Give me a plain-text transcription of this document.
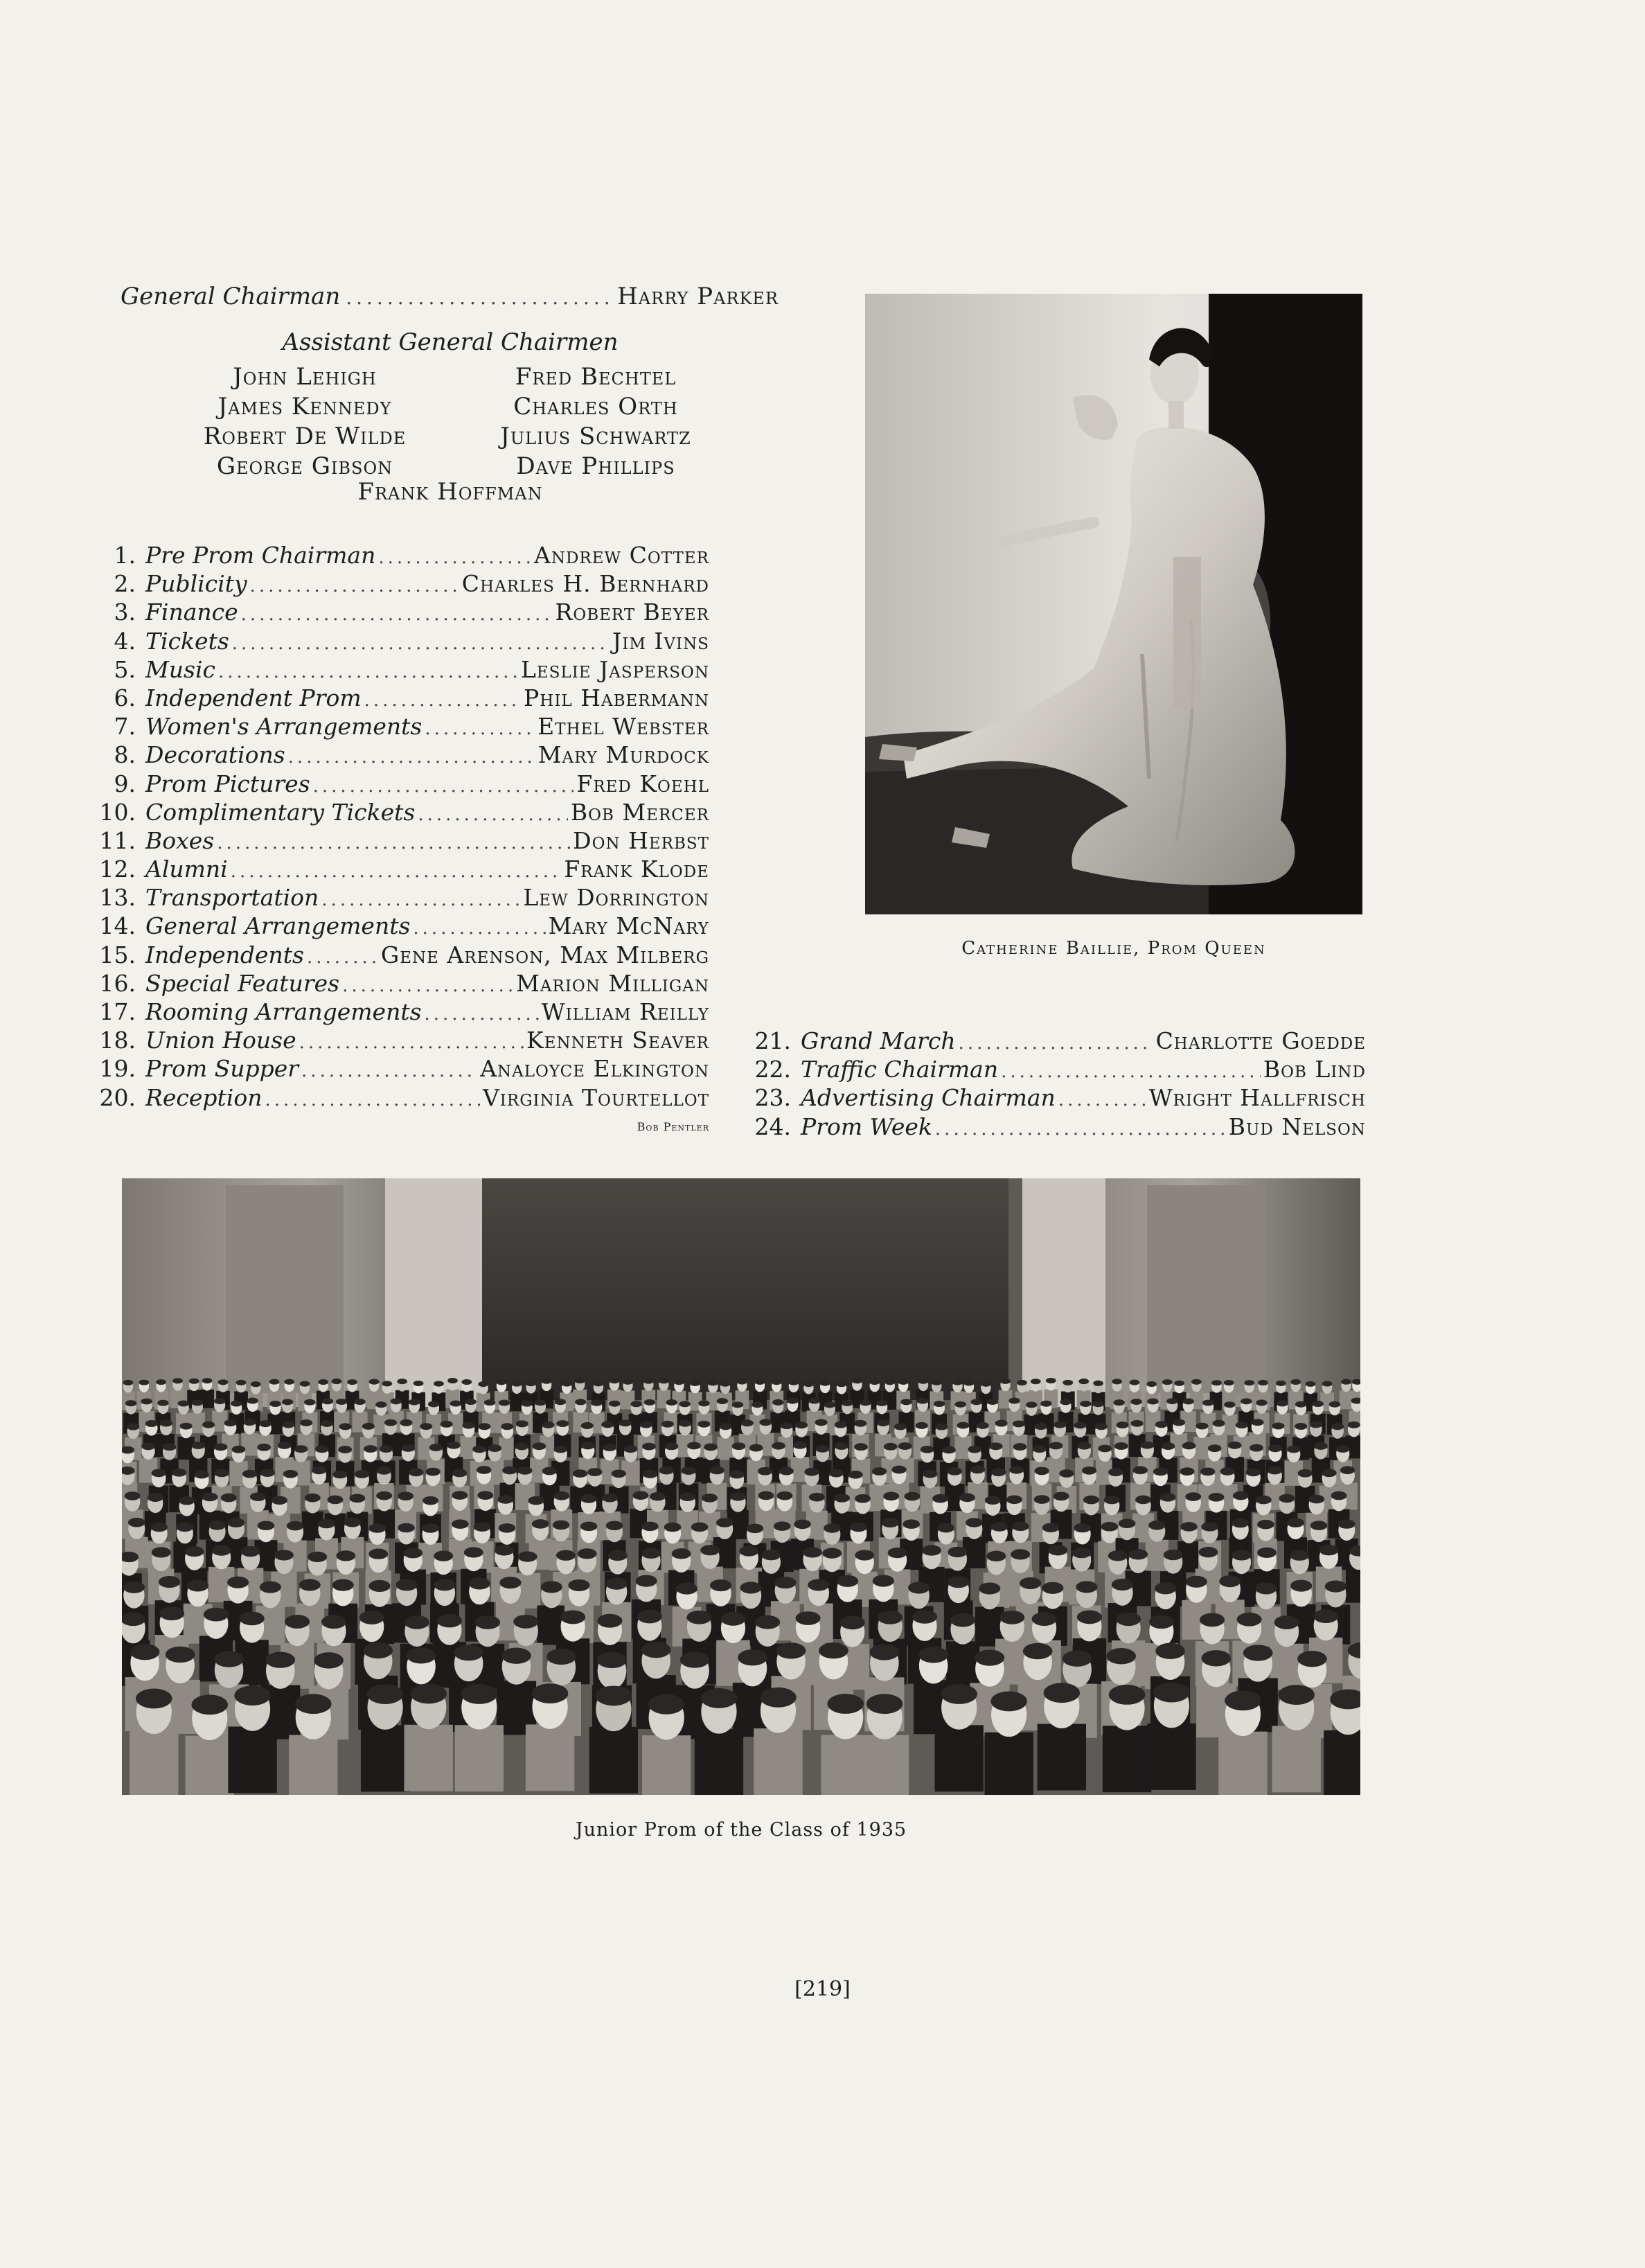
General Chairman .....	Harry Parker
Assistant General Chairmen
John Lehigh	Fred Bechtel
James Kennedy	Charles Orth
Robert De Wilde	Julius Schwartz
George Gibson	Dave Phillips
Frank Hoffman
1. Pre Prom Chairman .....	Andrew Cotter
2. Publicity .....	Charles H. Bernhard
3. Finance .....	Robert Beyer
4. Tickets .....	Jim Ivins
5. Music .....	Leslie Jasperson
6. Independent Prom .....	Phil Habermann
7. Women's Arrangements .....	Ethel Webster
8. Decorations .....	Mary Murdock
9. Prom Pictures .....	Fred Koehl
10. Complimentary Tickets .....	Bob Mercer
11. Boxes .....	Don Herbst
12. Alumni .....	Frank Klode
13. Transportation .....	Lew Dorrington
14. General Arrangements .....	Mary McNary
15. Independents .....	Gene Arenson, Max Milberg
16. Special Features .....	Marion Milligan
17. Rooming Arrangements .....	William Reilly
18. Union House .....	Kenneth Seaver
19. Prom Supper .....	Analoyce Elkington
20. Reception .....	Virginia Tourtellot
Bob Pentler
21. Grand March .....	Charlotte Goedde
22. Traffic Chairman .....	Bob Lind
23. Advertising Chairman .....	Wright Hallfrisch
24. Prom Week .....	Bud Nelson
Catherine Baillie, Prom Queen
Junior Prom of the Class of 1935
[219]
